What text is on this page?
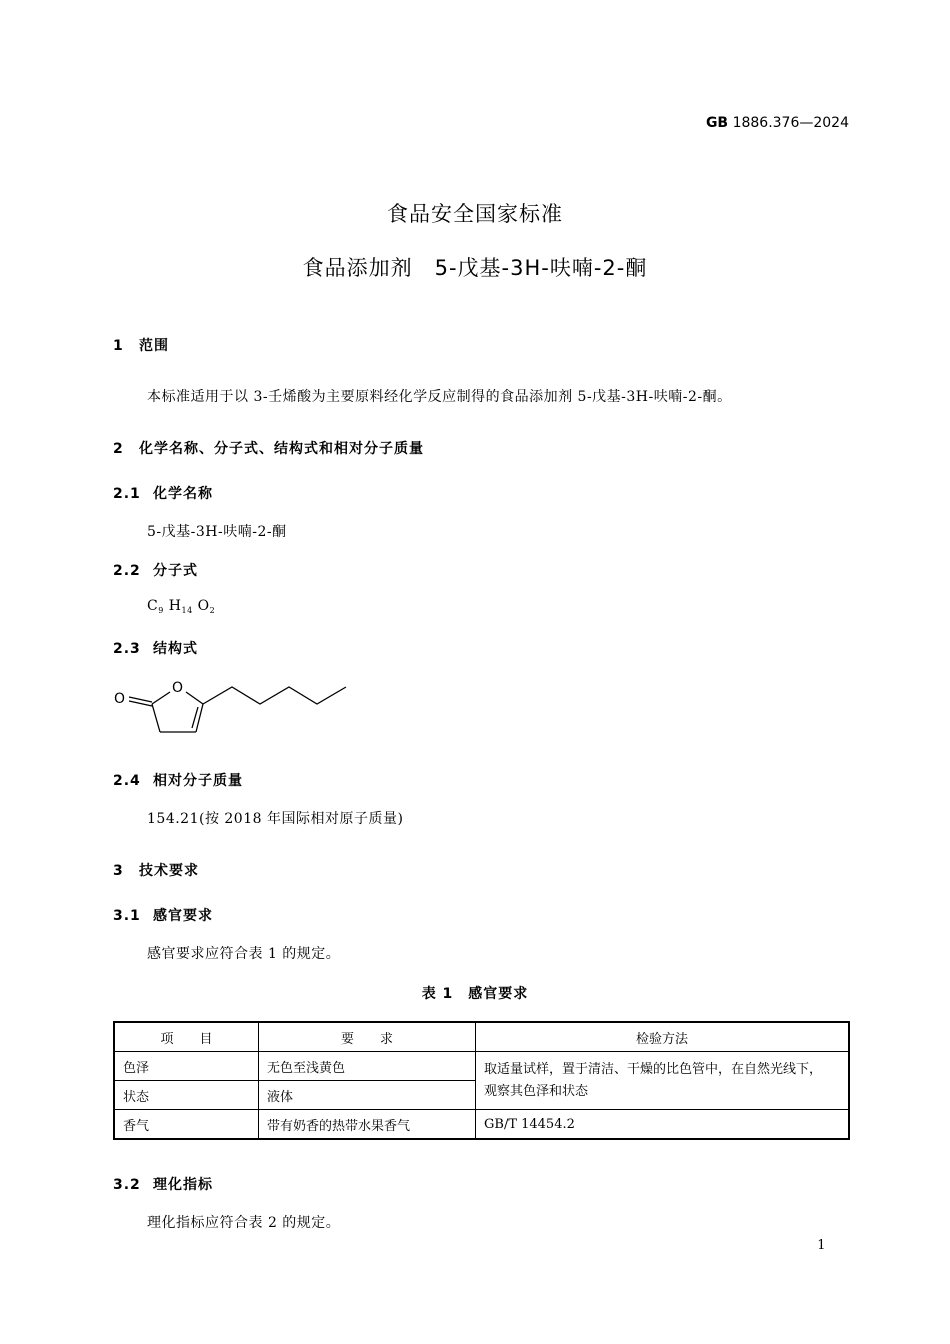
GB 1886.376—2024
食品安全国家标准
食品添加剂　5-戊基-3H-呋喃-2-酮
1 范围
本标准适用于以 3-壬烯酸为主要原料经化学反应制得的食品添加剂 5-戊基-3H-呋喃-2-酮。
2 化学名称、分子式、结构式和相对分子质量
2.1 化学名称
5-戊基-3H-呋喃-2-酮
2.2 分子式
$C_9$ $H_{14}$ $O_2$
2.3 结构式
O
O
2.4 相对分子质量
154.21(按 2018 年国际相对原子质量)
3 技术要求
3.1 感官要求
感官要求应符合表 1 的规定。
表 1　感官要求
项　　目	要　　求	检验方法
色泽	无色至浅黄色	取适量试样，置于清洁、干燥的比色管中，在自然光线下，
观察其色泽和状态
状态	液体	
香气	带有奶香的热带水果香气	GB/T 14454.2
3.2 理化指标
理化指标应符合表 2 的规定。
1
